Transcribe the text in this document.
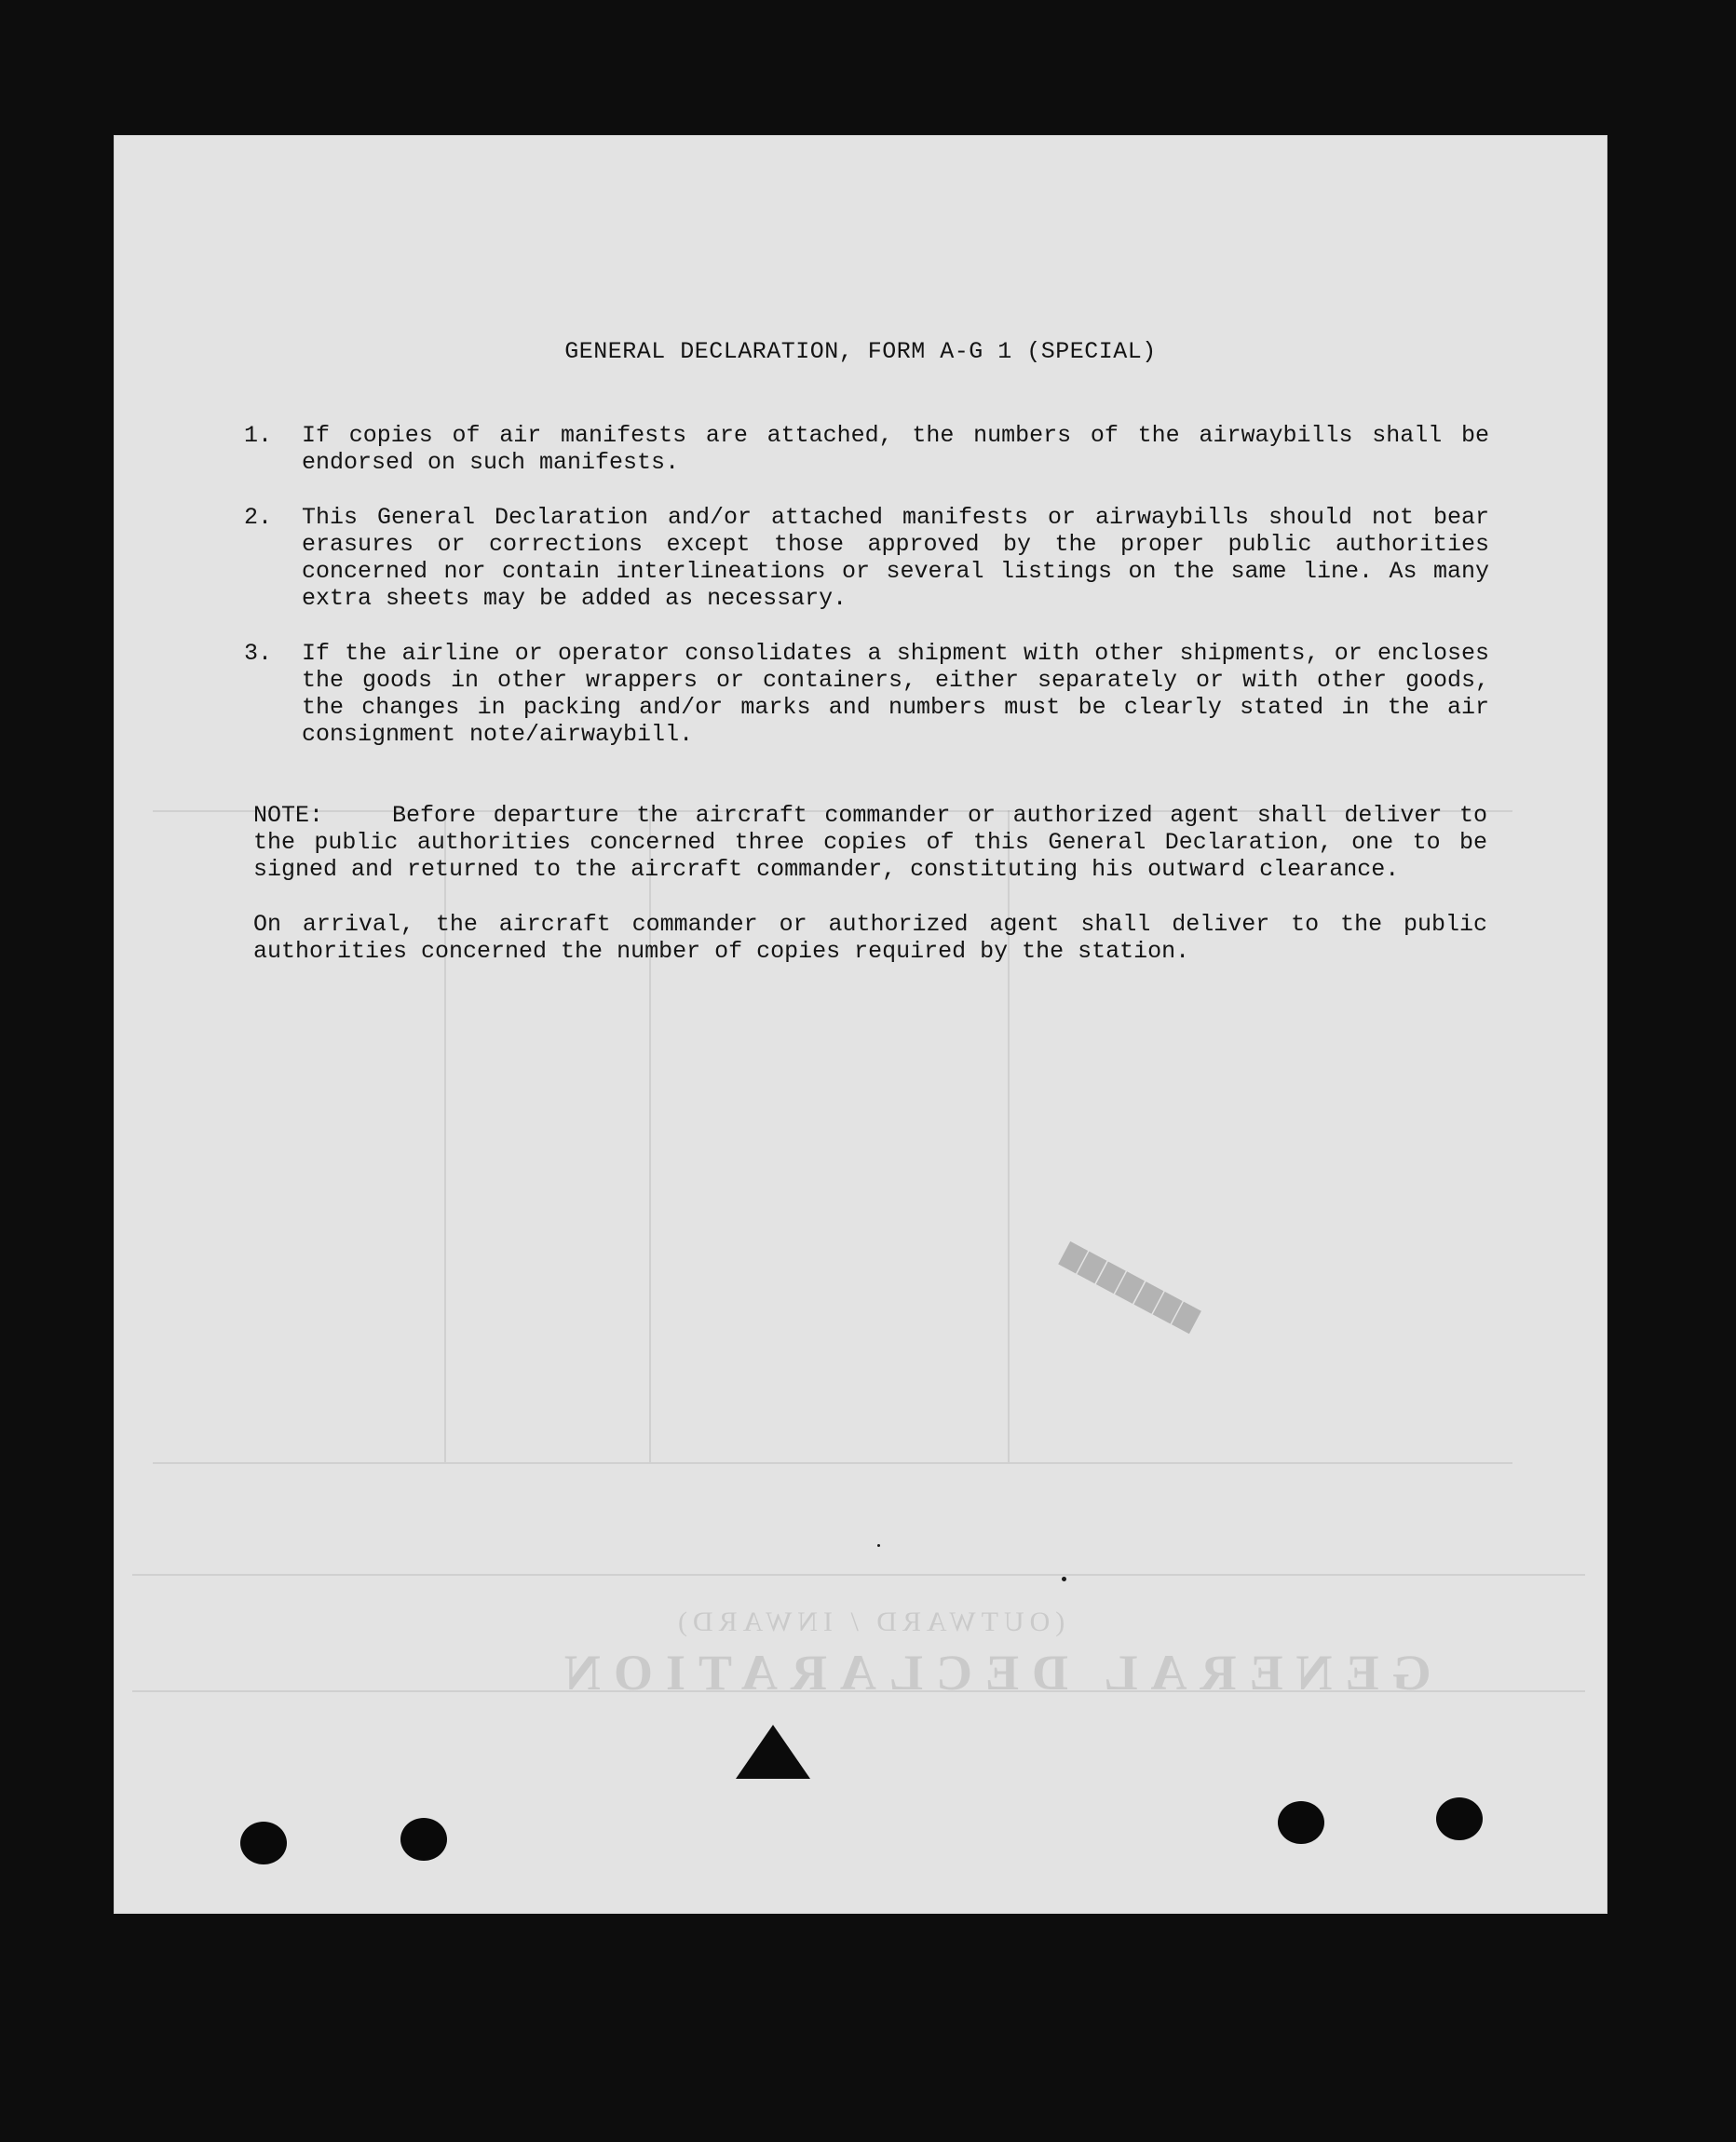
GENERAL DECLARATION
(OUTWARD / INWARD)
▇▇▇▇▇▇▇
GENERAL DECLARATION, FORM A-G 1 (SPECIAL)
1.	If copies of air manifests are attached, the numbers of the airwaybills shall be endorsed on such manifests.
2.	This General Declaration and/or attached manifests or airwaybills should not bear erasures or corrections except those approved by the proper public authorities concerned nor contain interlineations or several listings on the same line. As many extra sheets may be added as necessary.
3.	If the airline or operator consolidates a shipment with other shipments, or encloses the goods in other wrappers or containers, either separately or with other goods, the changes in packing and/or marks and numbers must be clearly stated in the air consignment note/airwaybill.

NOTE:	Before departure the aircraft commander or authorized agent shall deliver to the public authorities concerned three copies of this General Declaration, one to be signed and returned to the aircraft commander, constituting his outward clearance.

On arrival, the aircraft commander or authorized agent shall deliver to the public authorities concerned the number of copies required by the station.
